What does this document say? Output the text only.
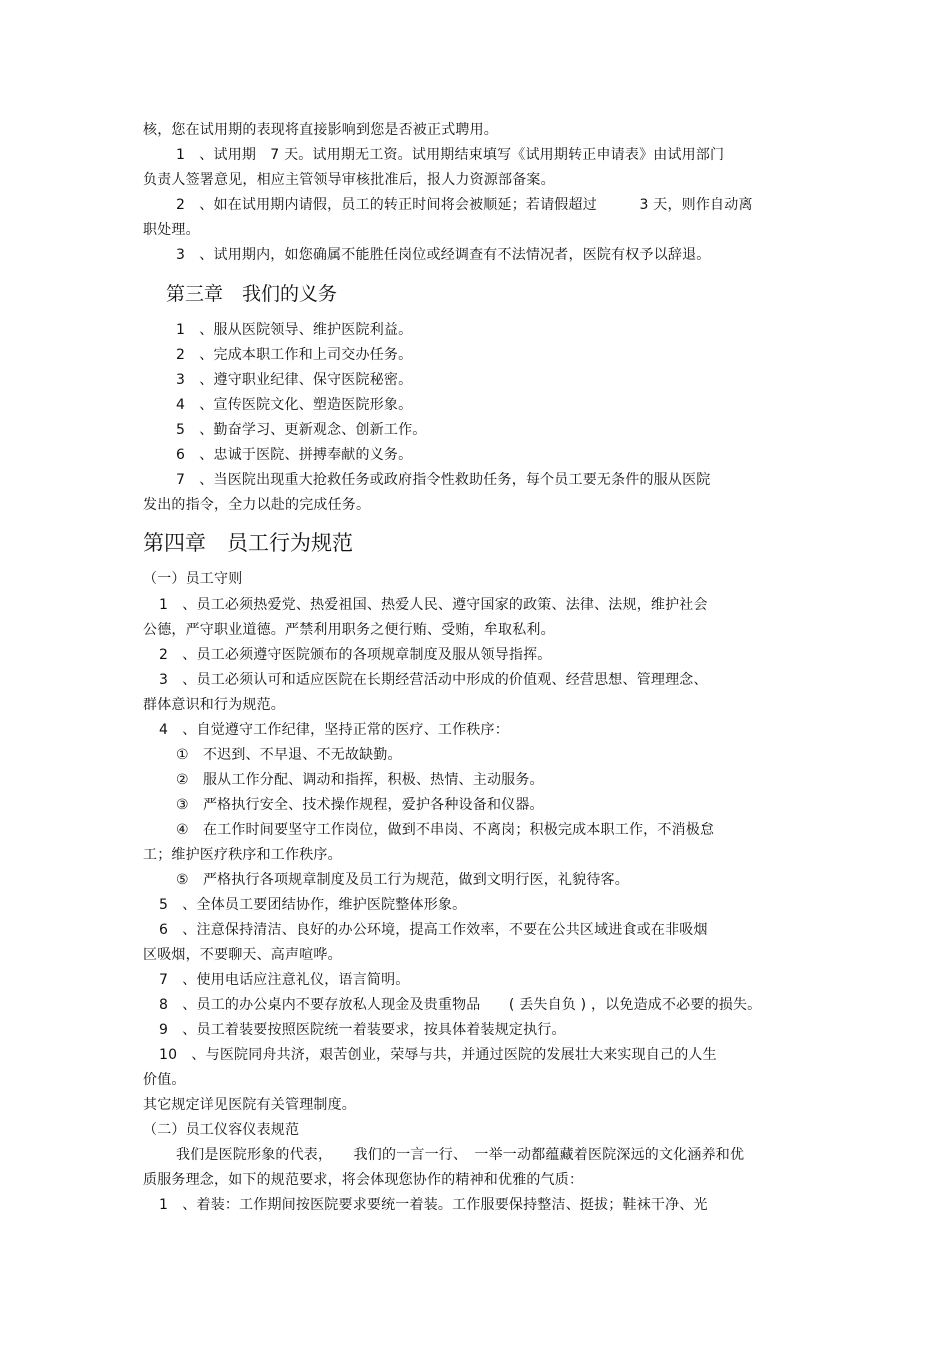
核，您在试用期的表现将直接影响到您是否被正式聘用。
1　、试用期　7 天。试用期无工资。试用期结束填写《试用期转正申请表》由试用部门
负责人签署意见，相应主管领导审核批准后，报人力资源部备案。
2　、如在试用期内请假，员工的转正时间将会被顺延；若请假超过　　　3 天，则作自动离
职处理。
3　、试用期内，如您确属不能胜任岗位或经调查有不法情况者，医院有权予以辞退。
第三章　我们的义务
1　、服从医院领导、维护医院利益。
2　、完成本职工作和上司交办任务。
3　、遵守职业纪律、保守医院秘密。
4　、宣传医院文化、塑造医院形象。
5　、勤奋学习、更新观念、创新工作。
6　、忠诚于医院、拼搏奉献的义务。
7　、当医院出现重大抢救任务或政府指令性救助任务，每个员工要无条件的服从医院
发出的指令，全力以赴的完成任务。
第四章　员工行为规范
（一）员工守则
1　、员工必须热爱党、热爱祖国、热爱人民、遵守国家的政策、法律、法规，维护社会
公德，严守职业道德。严禁利用职务之便行贿、受贿，牟取私利。
2　、员工必须遵守医院颁布的各项规章制度及服从领导指挥。
3　、员工必须认可和适应医院在长期经营活动中形成的价值观、经营思想、管理理念、
群体意识和行为规范。
4　、自觉遵守工作纪律，坚持正常的医疗、工作秩序：
①　不迟到、不早退、不无故缺勤。
②　服从工作分配、调动和指挥，积极、热情、主动服务。
③　严格执行安全、技术操作规程，爱护各种设备和仪器。
④　在工作时间要坚守工作岗位，做到不串岗、不离岗；积极完成本职工作，不消极怠
工；维护医疗秩序和工作秩序。
⑤　严格执行各项规章制度及员工行为规范，做到文明行医，礼貌待客。
5　、全体员工要团结协作，维护医院整体形象。
6　、注意保持清洁、良好的办公环境，提高工作效率，不要在公共区域进食或在非吸烟
区吸烟，不要聊天、高声喧哗。
7　、使用电话应注意礼仪，语言简明。
8　、员工的办公桌内不要存放私人现金及贵重物品　　( 丢失自负 ) ，以免造成不必要的损失。
9　、员工着装要按照医院统一着装要求，按具体着装规定执行。
10　、与医院同舟共济，艰苦创业，荣辱与共，并通过医院的发展壮大来实现自己的人生
价值。
其它规定详见医院有关管理制度。
（二）员工仪容仪表规范
我们是医院形象的代表，　　我们的一言一行、　一举一动都蕴藏着医院深远的文化涵养和优
质服务理念，如下的规范要求，将会体现您协作的精神和优雅的气质：
1　、着装：工作期间按医院要求要统一着装。工作服要保持整洁、挺拔；鞋袜干净、光
